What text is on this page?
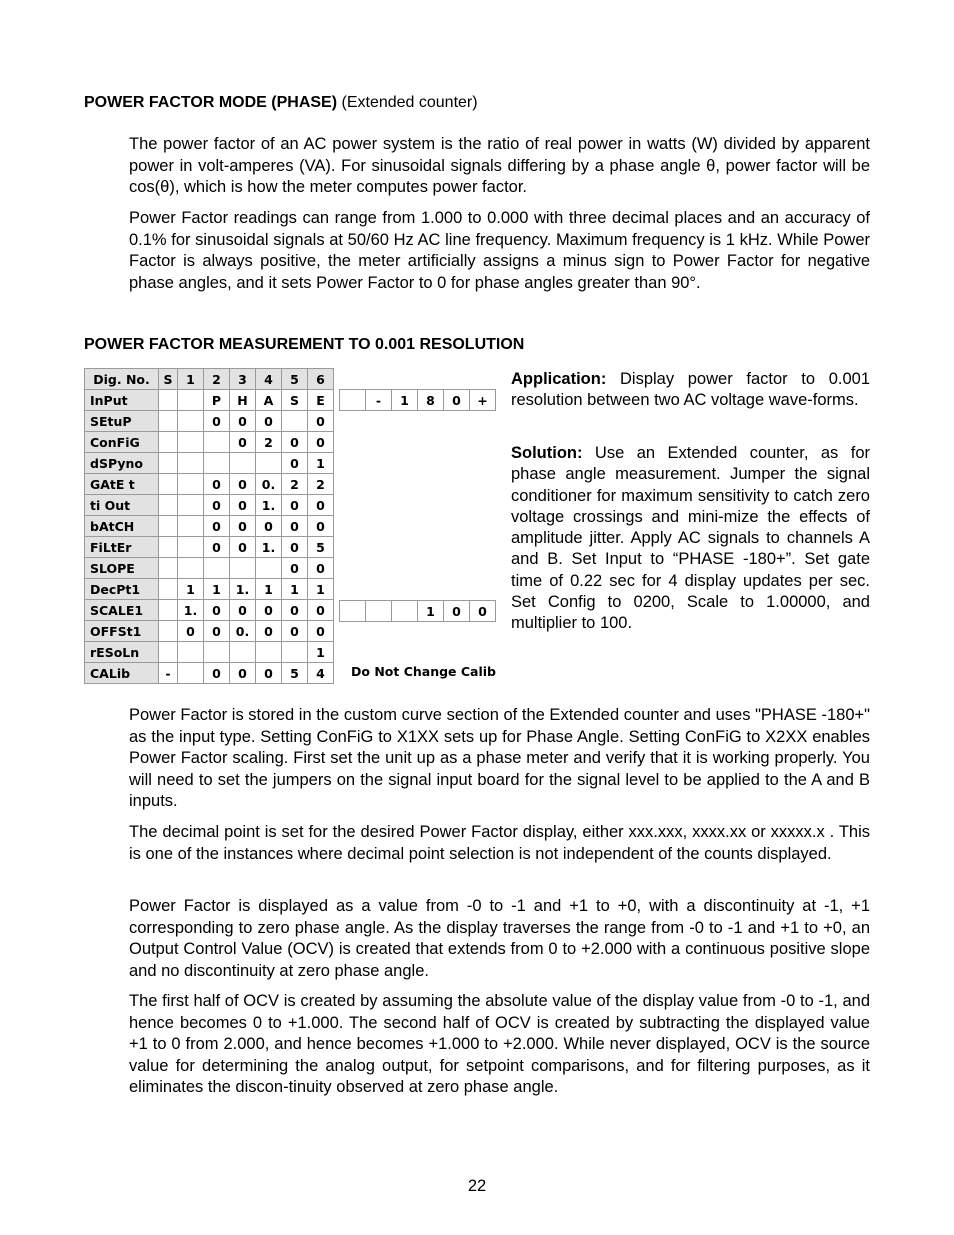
POWER FACTOR MODE (PHASE) (Extended counter)
The power factor of an AC power system is the ratio of real power in watts (W) divided by apparent power in volt-amperes (VA). For sinusoidal signals differing by a phase angle θ, power factor will be cos(θ), which is how the meter computes power factor.
Power Factor readings can range from 1.000 to 0.000 with three decimal places and an accuracy of 0.1% for sinusoidal signals at 50/60 Hz AC line frequency. Maximum frequency is 1 kHz. While Power Factor is always positive, the meter artificially assigns a minus sign to Power Factor for negative phase angles, and it sets Power Factor to 0 for phase angles greater than 90°.
POWER FACTOR MEASUREMENT TO 0.001 RESOLUTION
Dig. No.	S	1	2	3	4	5	6
InPut			P	H	A	S	E
SEtuP			0	0	0		0
ConFiG				0	2	0	0
dSPyno						0	1
GAtE t			0	0	0.	2	2
ti Out			0	0	1.	0	0
bAtCH			0	0	0	0	0
FiLtEr			0	0	1.	0	5
SLOPE						0	0
DecPt1		1	1	1.	1	1	1
SCALE1		1.	0	0	0	0	0
OFFSt1		0	0	0.	0	0	0
rESoLn							1
CALib	-		0	0	0	5	4
	-	1	8	0	+
			1	0	0
Do Not Change Calib
Application: Display power factor to 0.001 resolution between two AC voltage wave-forms.
Solution: Use an Extended counter, as for phase angle measurement. Jumper the signal conditioner for maximum sensitivity to catch zero voltage crossings and mini-mize the effects of amplitude jitter. Apply AC signals to channels A and B. Set Input to “PHASE -180+”. Set gate time of 0.22 sec for 4 display updates per sec. Set Config to 0200, Scale to 1.00000, and multiplier to 100.
Power Factor is stored in the custom curve section of the Extended counter and uses "PHASE -180+" as the input type. Setting ConFiG to X1XX sets up for Phase Angle. Setting ConFiG to X2XX enables Power Factor scaling. First set the unit up as a phase meter and verify that it is working properly. You will need to set the jumpers on the signal input board for the signal level to be applied to the A and B inputs.
The decimal point is set for the desired Power Factor display, either xxx.xxx, xxxx.xx or xxxxx.x . This is one of the instances where decimal point selection is not independent of the counts displayed.
Power Factor is displayed as a value from -0 to -1 and +1 to +0, with a discontinuity at -1, +1 corresponding to zero phase angle. As the display traverses the range from -0 to -1 and +1 to +0, an Output Control Value (OCV) is created that extends from 0 to +2.000 with a continuous positive slope and no discontinuity at zero phase angle.
The first half of OCV is created by assuming the absolute value of the display value from -0 to -1, and hence becomes 0 to +1.000. The second half of OCV is created by subtracting the displayed value +1 to 0 from 2.000, and hence becomes +1.000 to +2.000. While never displayed, OCV is the source value for determining the analog output, for setpoint comparisons, and for filtering purposes, as it eliminates the discon-tinuity observed at zero phase angle.
22
